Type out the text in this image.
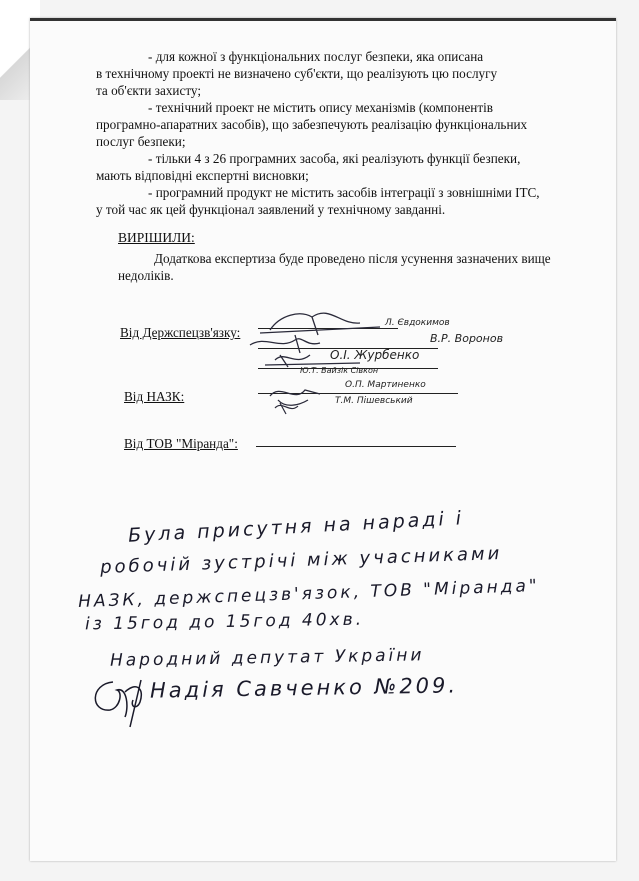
- для кожної з функціональних послуг безпеки, яка описана
в технічному проекті не визначено суб'єкти, що реалізують цю послугу
та об'єкти захисту;
- технічний проект не містить опису механізмів (компонентів
програмно-апаратних засобів), що забезпечують реалізацію функціональних
послуг безпеки;
- тільки 4 з 26 програмних засоба, які реалізують функції безпеки,
мають відповідні експертні висновки;
- програмний продукт не містить засобів інтеграції з зовнішніми ІТС,
у той час як цей функціонал заявлений у технічному завданні.
ВИРІШИЛИ:
Додаткова експертиза буде проведено після усунення зазначених вище
недоліків.
Від Держспецзв'язку:
Л. Євдокимов
В.Р. Воронов
О.І. Журбенко
Ю.Т. Вайзік Сівкон
Від НАЗК:
О.П. Мартиненко
Т.М. Пішевський
Від ТОВ "Міранда":
Була присутня на нараді і
робочій зустрічі між учасниками
НАЗК, держспецзв'язок, ТОВ "Міранда"
із 15год до 15год 40хв.
Народний депутат України
Надія Савченко №209.
